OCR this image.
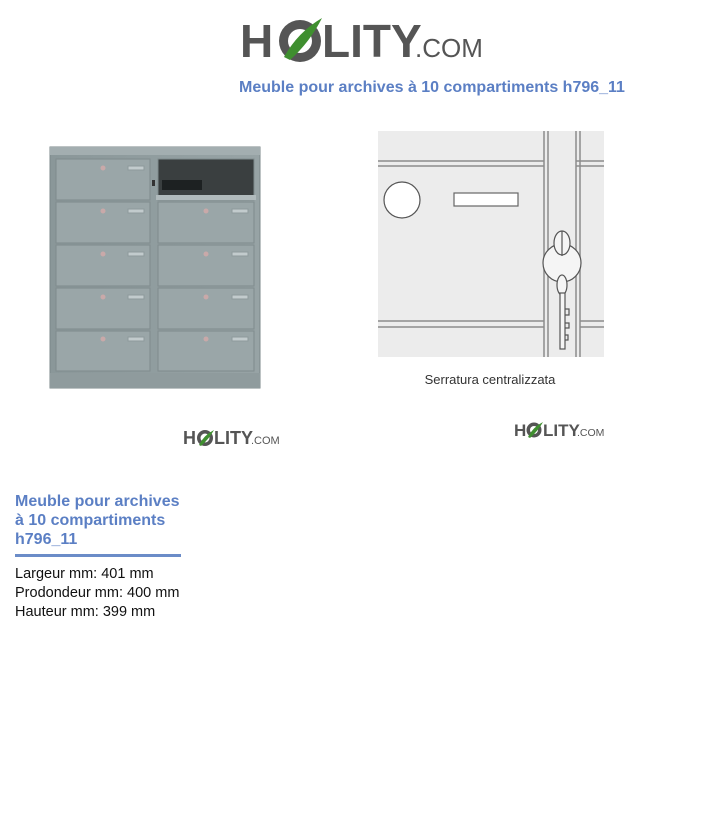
H LITY
.COM
Meuble pour archives à 10 compartiments h796_11
Serratura centralizzata
H LITY
.COM
H LITY
.COM
Meuble pour archives à 10 compartiments h796_11
Largeur mm: 401 mm
Prodondeur mm: 400 mm
Hauteur mm: 399 mm
